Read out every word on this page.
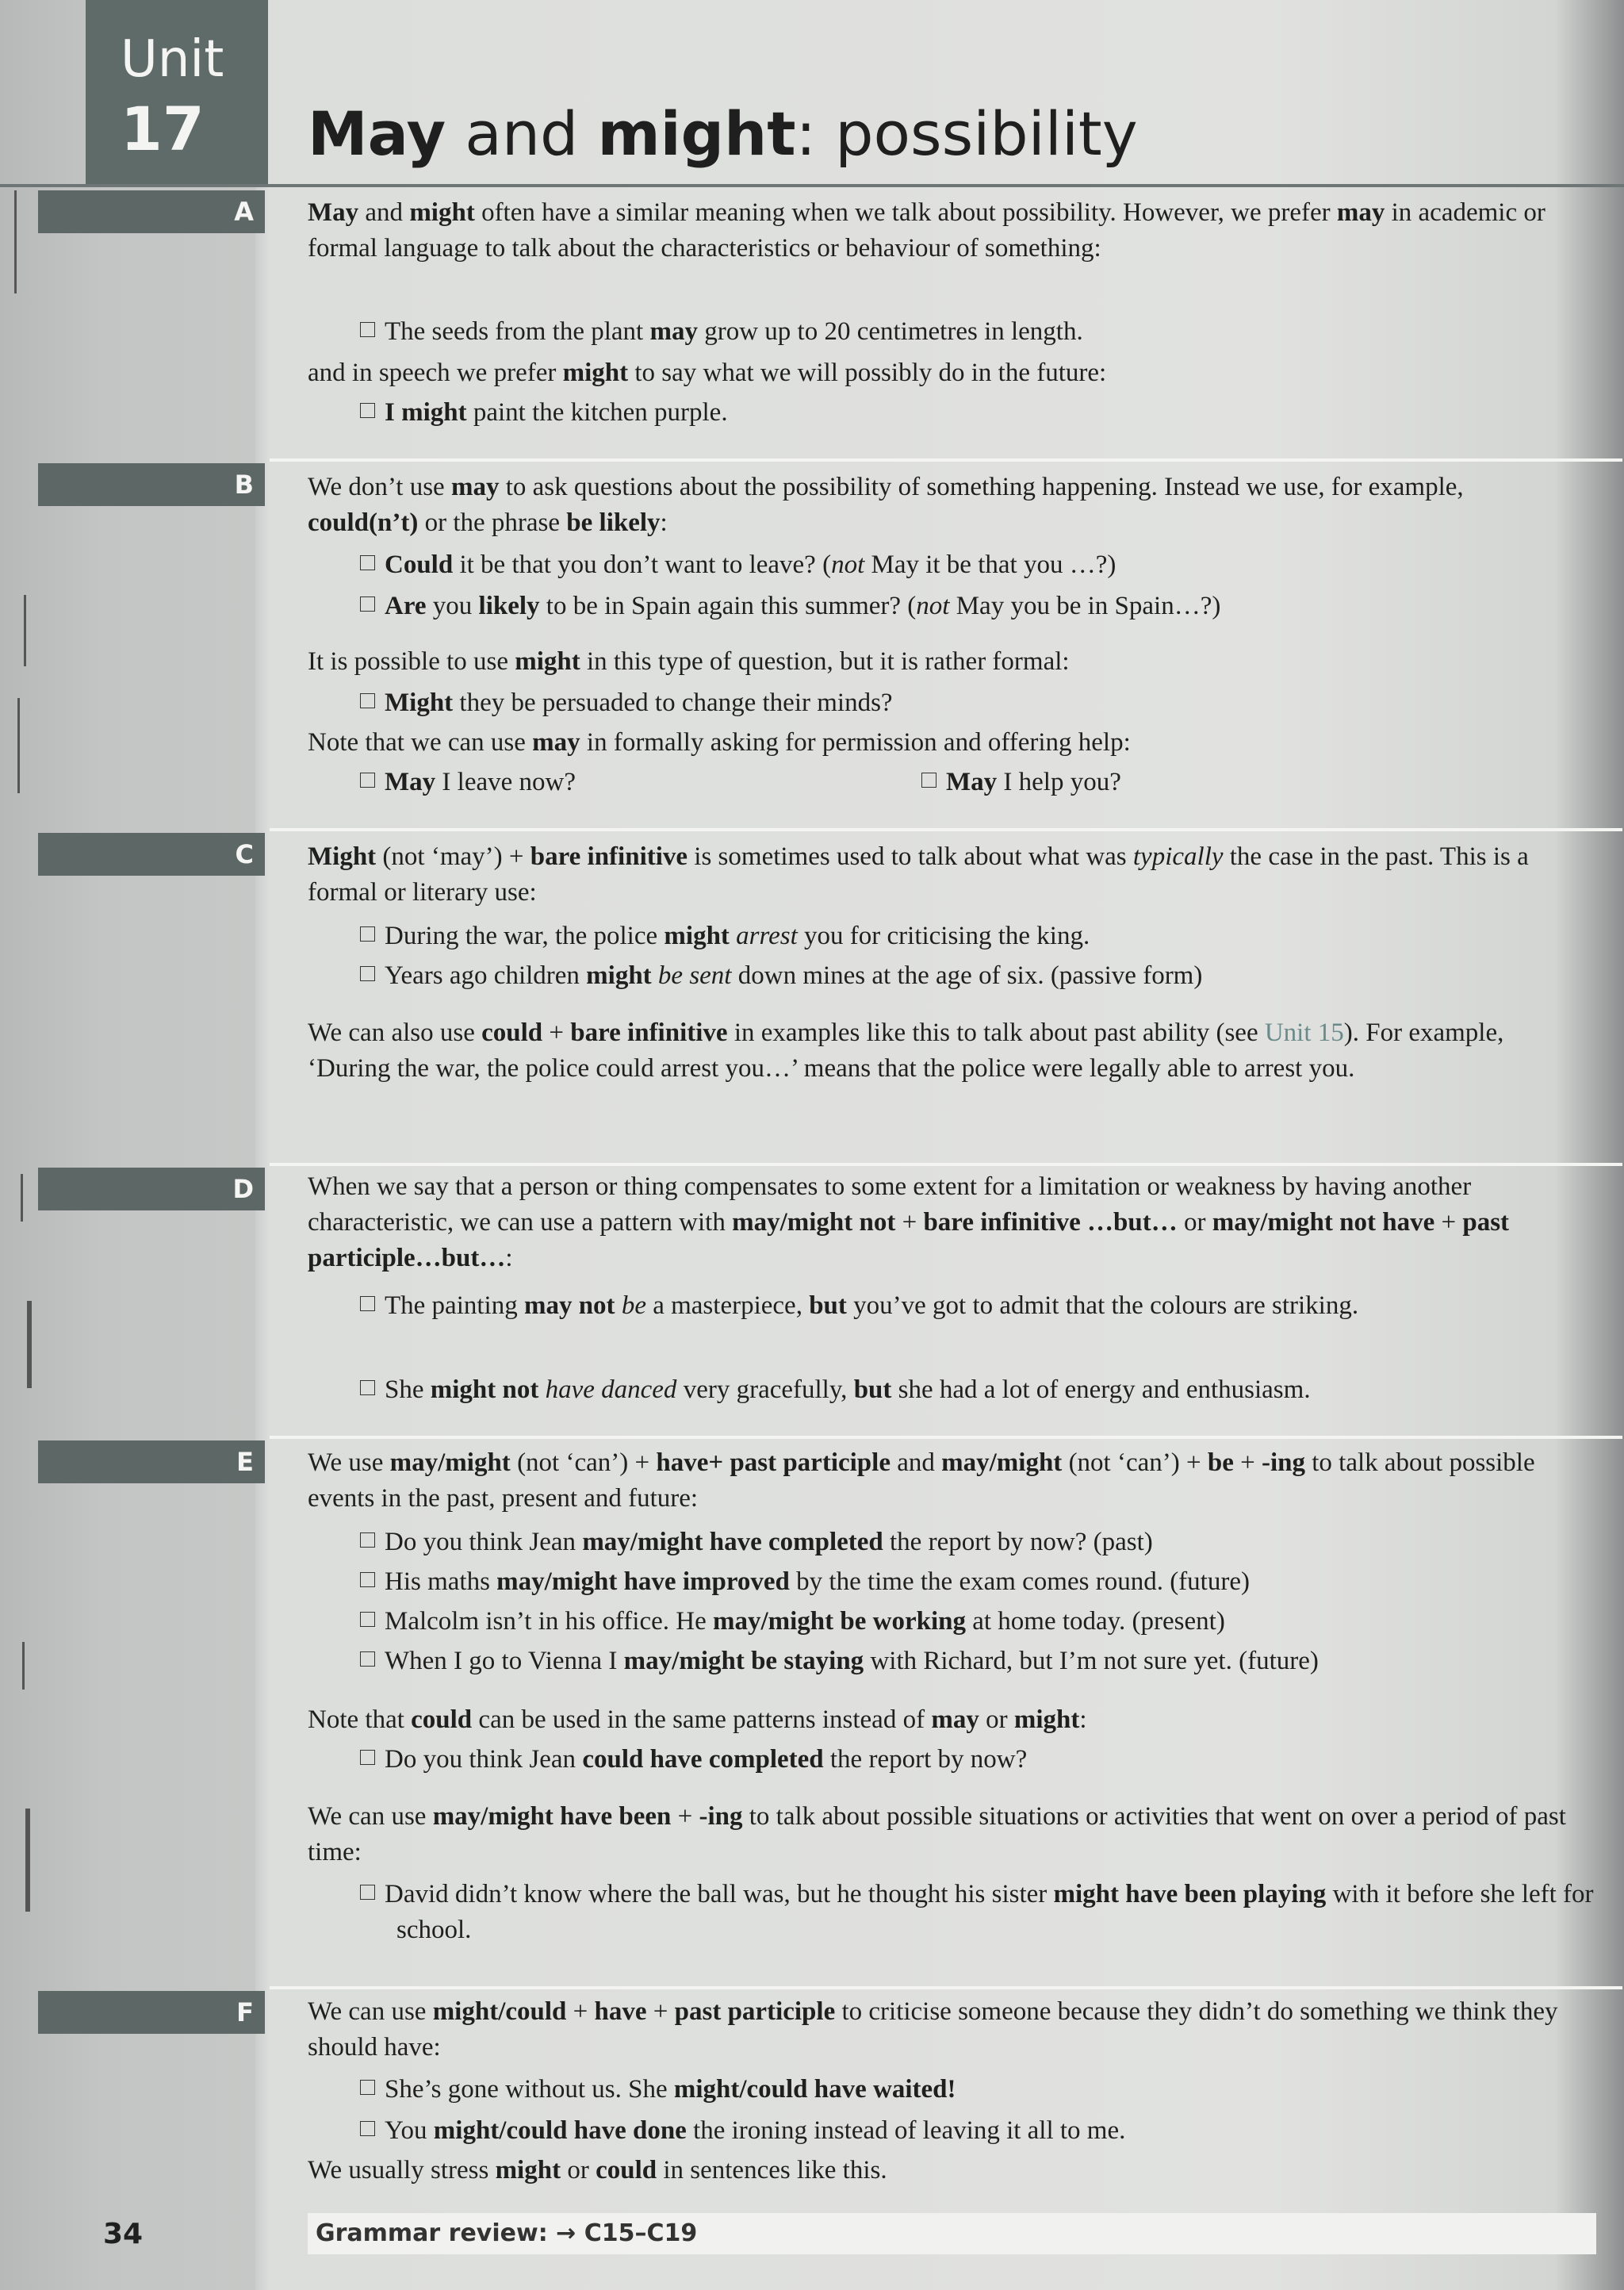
Unit
17 May and might: possibility
A	May and might often have a similar meaning when we talk about possibility. However, we prefer may in academic or formal language to talk about the characteristics or behaviour of something:

The seeds from the plant may grow up to 20 centimetres in length.

and in speech we prefer might to say what we will possibly do in the future:

I might paint the kitchen purple.

B	We don’t use may to ask questions about the possibility of something happening. Instead we use, for example, could(n’t) or the phrase be likely:

Could it be that you don’t want to leave? (not May it be that you …?)

Are you likely to be in Spain again this summer? (not May you be in Spain…?)

It is possible to use might in this type of question, but it is rather formal:

Might they be persuaded to change their minds?

Note that we can use may in formally asking for permission and offering help:

May I leave now?	May I help you?

C	Might (not ‘may’) + bare infinitive is sometimes used to talk about what was typically the case in the past. This is a formal or literary use:

During the war, the police might arrest you for criticising the king.

Years ago children might be sent down mines at the age of six. (passive form)

We can also use could + bare infinitive in examples like this to talk about past ability (see Unit 15). For example, ‘During the war, the police could arrest you…’ means that the police were legally able to arrest you.

D	When we say that a person or thing compensates to some extent for a limitation or weakness by having another characteristic, we can use a pattern with may/might not + bare infinitive …but… or may/might not have + past participle…but…:

The painting may not be a masterpiece, but you’ve got to admit that the colours are striking.

She might not have danced very gracefully, but she had a lot of energy and enthusiasm.

E	We use may/might (not ‘can’) + have+ past participle and may/might (not ‘can’) + be + -ing to talk about possible events in the past, present and future:

Do you think Jean may/might have completed the report by now? (past)

His maths may/might have improved by the time the exam comes round. (future)

Malcolm isn’t in his office. He may/might be working at home today. (present)

When I go to Vienna I may/might be staying with Richard, but I’m not sure yet. (future)

Note that could can be used in the same patterns instead of may or might:

Do you think Jean could have completed the report by now?

We can use may/might have been + -ing to talk about possible situations or activities that went on over a period of past time:

David didn’t know where the ball was, but he thought his sister might have been playing with it before she left for school.

F	We can use might/could + have + past participle to criticise someone because they didn’t do something we think they should have:

She’s gone without us. She might/could have waited!

You might/could have done the ironing instead of leaving it all to me.

We usually stress might or could in sentences like this.

34	Grammar review: → C15–C19
